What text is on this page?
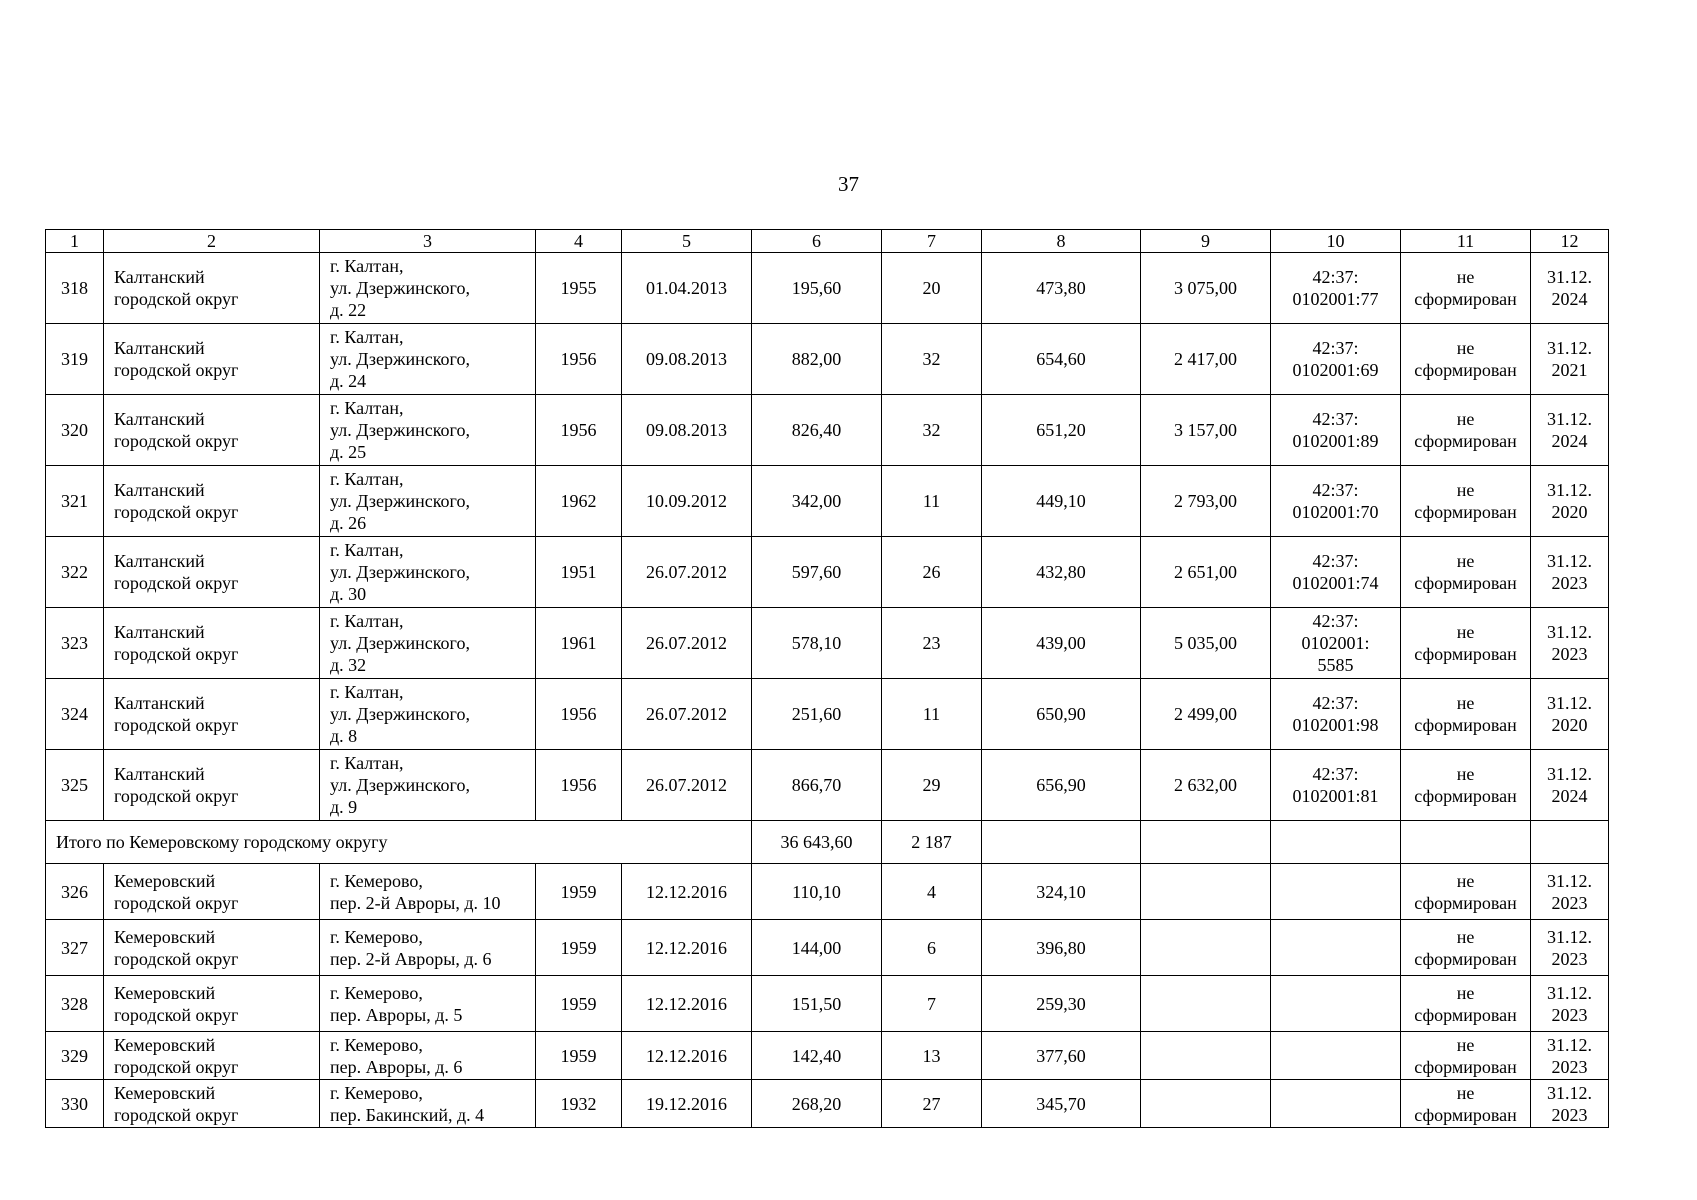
37
1	2	3	4	5	6	7	8	9	10	11	12
318	Калтанский
городской округ	г. Калтан,
ул. Дзержинского,
д. 22	1955	01.04.2013	195,60	20	473,80	3 075,00	42:37:
0102001:77	не
сформирован	31.12.
2024

319	Калтанский
городской округ	г. Калтан,
ул. Дзержинского,
д. 24	1956	09.08.2013	882,00	32	654,60	2 417,00	42:37:
0102001:69	не
сформирован	31.12.
2021

320	Калтанский
городской округ	г. Калтан,
ул. Дзержинского,
д. 25	1956	09.08.2013	826,40	32	651,20	3 157,00	42:37:
0102001:89	не
сформирован	31.12.
2024

321	Калтанский
городской округ	г. Калтан,
ул. Дзержинского,
д. 26	1962	10.09.2012	342,00	11	449,10	2 793,00	42:37:
0102001:70	не
сформирован	31.12.
2020

322	Калтанский
городской округ	г. Калтан,
ул. Дзержинского,
д. 30	1951	26.07.2012	597,60	26	432,80	2 651,00	42:37:
0102001:74	не
сформирован	31.12.
2023

323	Калтанский
городской округ	г. Калтан,
ул. Дзержинского,
д. 32	1961	26.07.2012	578,10	23	439,00	5 035,00	42:37:
0102001:
5585	не
сформирован	31.12.
2023

324	Калтанский
городской округ	г. Калтан,
ул. Дзержинского,
д. 8	1956	26.07.2012	251,60	11	650,90	2 499,00	42:37:
0102001:98	не
сформирован	31.12.
2020

325	Калтанский
городской округ	г. Калтан,
ул. Дзержинского,
д. 9	1956	26.07.2012	866,70	29	656,90	2 632,00	42:37:
0102001:81	не
сформирован	31.12.
2024

Итого по Кемеровскому городскому округу					36 643,60	2 187					
326	Кемеровский
городской округ	г. Кемерово,
пер. 2-й Авроры, д. 10	1959	12.12.2016	110,10	4	324,10			не
сформирован	31.12.
2023

327	Кемеровский
городской округ	г. Кемерово,
пер. 2-й Авроры, д. 6	1959	12.12.2016	144,00	6	396,80			не
сформирован	31.12.
2023

328	Кемеровский
городской округ	г. Кемерово,
пер. Авроры, д. 5	1959	12.12.2016	151,50	7	259,30			не
сформирован	31.12.
2023

329	Кемеровский
городской округ	г. Кемерово,
пер. Авроры, д. 6	1959	12.12.2016	142,40	13	377,60			не
сформирован	31.12.
2023

330	Кемеровский
городской округ	г. Кемерово,
пер. Бакинский, д. 4	1932	19.12.2016	268,20	27	345,70			не
сформирован	31.12.
2023
